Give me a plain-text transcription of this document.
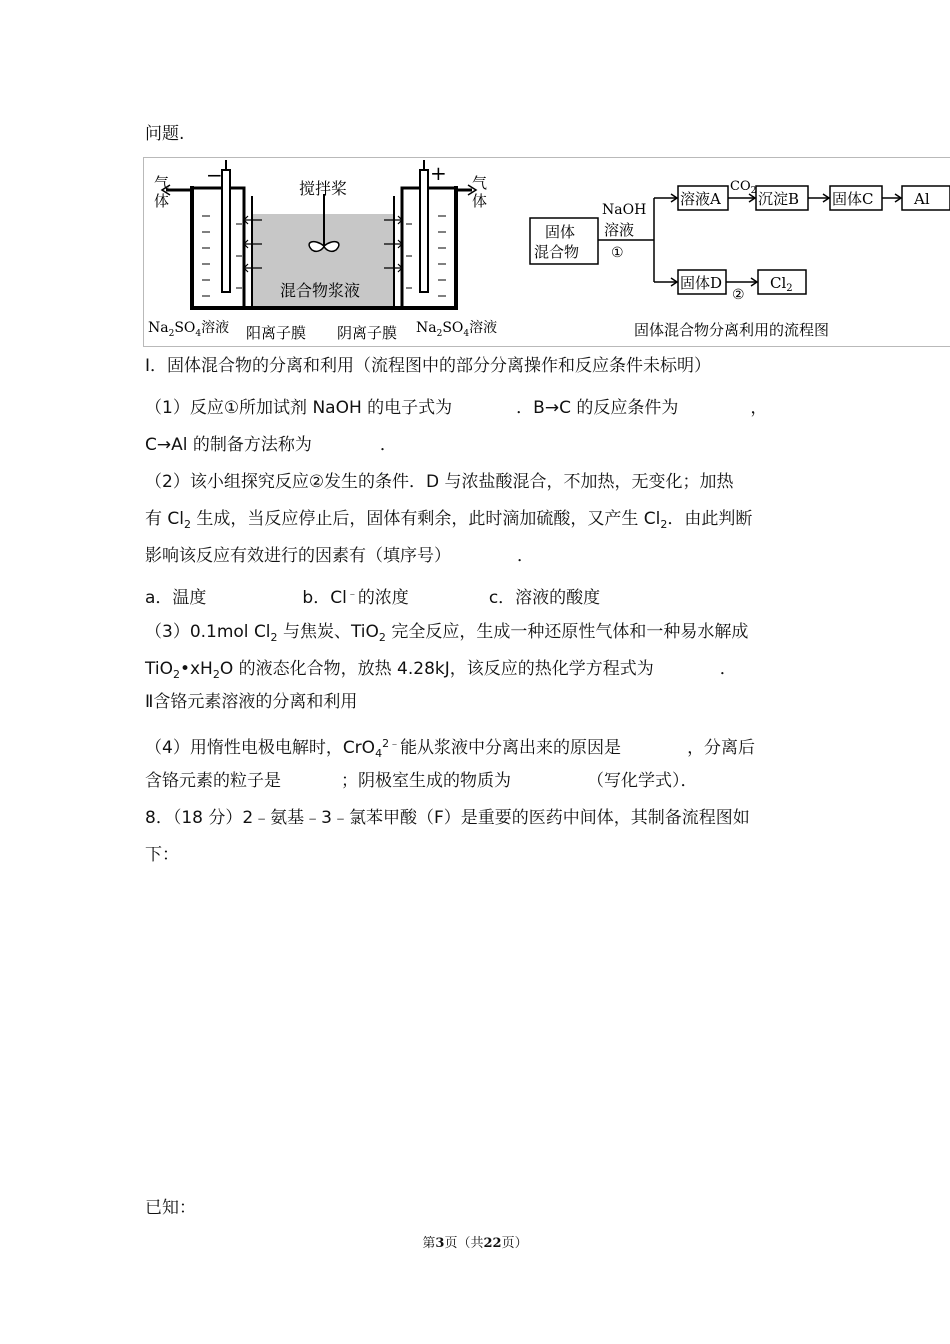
问题.
气
体
气
体
−	+
搅拌桨
混合物浆液
$Na_2SO_4$溶液 阳离子膜 阴离子膜 $Na_2SO_4$溶液
固体
混合物
NaOH
溶液
①
溶液A
$CO_2$ 沉淀B 固体C	Al
固体D
②
$Cl_2$
固体混合物分离利用的流程图
Ⅰ．固体混合物的分离和利用（流程图中的部分分离操作和反应条件未标明）
（1）反应①所加试剂 NaOH 的电子式为	．B→C 的反应条件为	，
C→Al 的制备方法称为	．
（2）该小组探究反应②发生的条件．D 与浓盐酸混合，不加热，无变化；加热
有 $Cl_2$ 生成，当反应停止后，固体有剩余，此时滴加硫酸，又产生 $Cl_2$．由此判断
影响该反应有效进行的因素有（填序号）	．
a．温度	b．Cl﹣的浓度	c．溶液的酸度
（3）0.1mol $Cl_2$ 与焦炭、TiO$_2$ 完全反应，生成一种还原性气体和一种易水解成
$TiO_2•xH_2O$ 的液态化合物，放热 4.28kJ，该反应的热化学方程式为	．
Ⅱ含铬元素溶液的分离和利用
（4）用惰性电极电解时，CrO$_4^{2﹣}$能从浆液中分离出来的原因是	，分离后
含铬元素的粒子是	；阴极室生成的物质为	（写化学式）．
8．（18 分）2﹣氨基﹣3﹣氯苯甲酸（F）是重要的医药中间体，其制备流程图如
下：
已知：
第3页（共22页）
